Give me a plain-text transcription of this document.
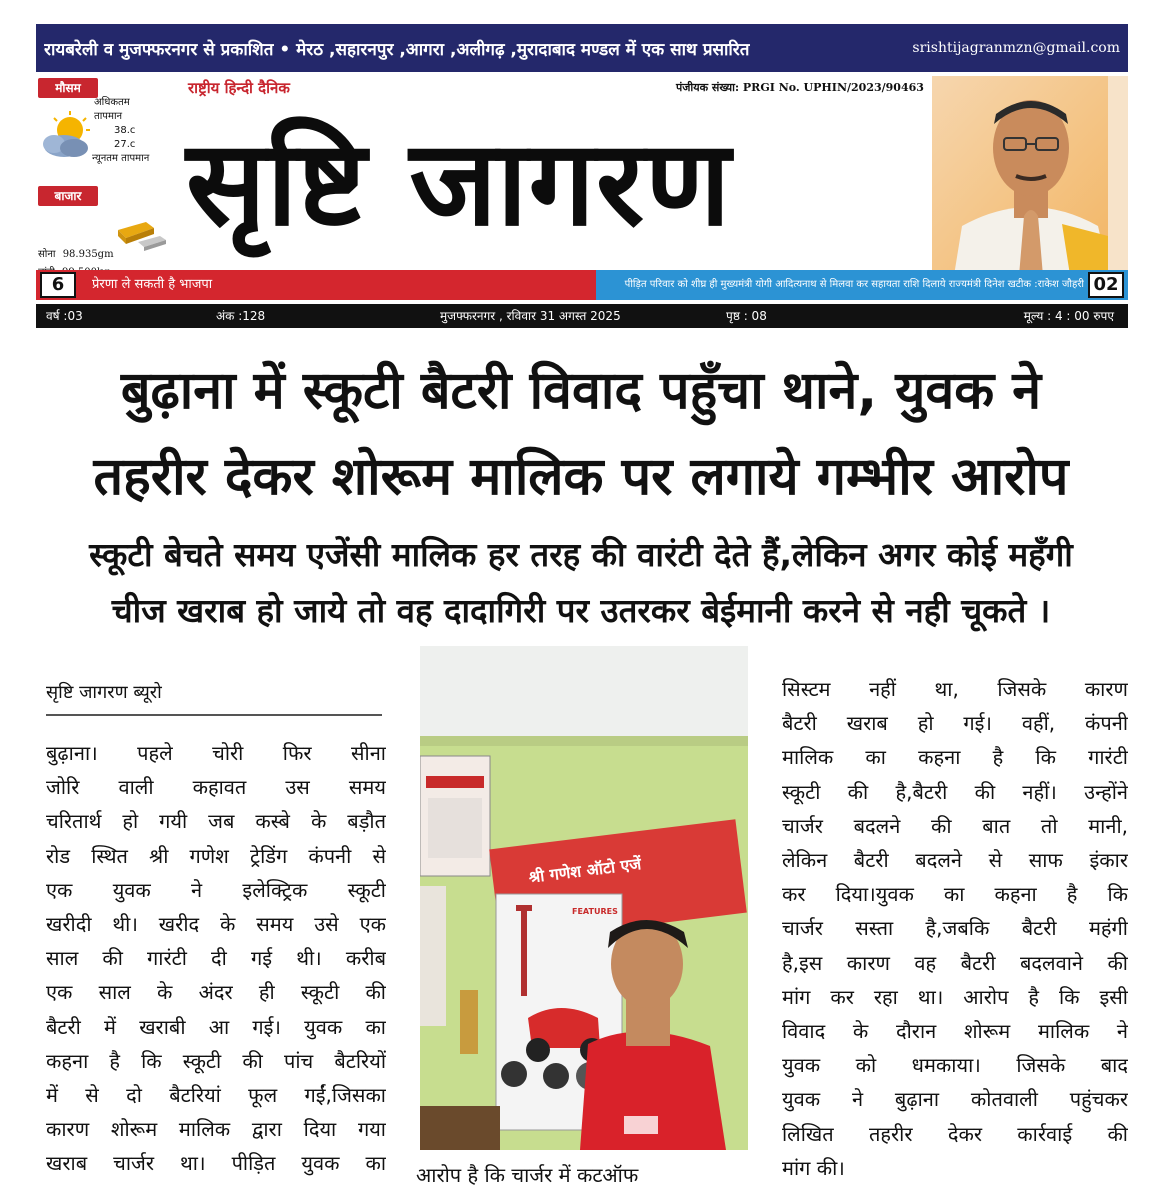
रायबरेली व मुजफ्फरनगर से प्रकाशित • मेरठ ,सहारनपुर ,आगरा ,अलीगढ़ ,मुरादाबाद मण्डल में एक साथ प्रसारित	srishtijagranmzn@gmail.com
मौसम
अधिकतम
तापमान
38.c
27.c
न्यूनतम तापमान
बाजार
सोना 98.935gm
राष्ट्रीय हिन्दी दैनिक	पंजीयक संख्या: PRGI No. UPHIN/2023/90463
सृष्टि जागरण
6	प्रेरणा ले सकती है भाजपा	पीड़ित परिवार को शीघ्र ही मुख्यमंत्री योगी आदित्यनाथ से मिलवा कर सहायता राशि दिलाये राज्यमंत्री दिनेश खटीक :राकेश जौहरी 02
वर्ष :03	अंक :128	मुजफ्फरनगर , रविवार 31 अगस्त 2025	पृष्ठ : 08	मूल्य : 4 : 00 रुपए
बुढ़ाना में स्कूटी बैटरी विवाद पहुँचा थाने, युवक ने
तहरीर देकर शोरूम मालिक पर लगाये गम्भीर आरोप
स्कूटी बेचते समय एजेंसी मालिक हर तरह की वारंटी देते हैं,लेकिन अगर कोई महँगी
चीज खराब हो जाये तो वह दादागिरी पर उतरकर बेईमानी करने से नही चूकते ।
सृष्टि जागरण ब्यूरो
बुढ़ाना। पहले चोरी फिर सीना
जोरि वाली कहावत उस समय
चरितार्थ हो गयी जब कस्बे के बड़ौत
रोड स्थित श्री गणेश ट्रेडिंग कंपनी से
एक युवक ने इलेक्ट्रिक स्कूटी
खरीदी थी। खरीद के समय उसे एक
साल की गारंटी दी गई थी। करीब
एक साल के अंदर ही स्कूटी की
बैटरी में खराबी आ गई। युवक का
कहना है कि स्कूटी की पांच बैटरियों
में से दो बैटरियां फूल गईं,जिसका
कारण शोरूम मालिक द्वारा दिया गया
खराब चार्जर था। पीड़ित युवक का
श्री गणेश ऑटो एजें
FEATURES
आरोप है कि चार्जर में कटऑफ
सिस्टम नहीं था, जिसके कारण
बैटरी खराब हो गई। वहीं, कंपनी
मालिक का कहना है कि गारंटी
स्कूटी की है,बैटरी की नहीं। उन्होंने
चार्जर बदलने की बात तो मानी,
लेकिन बैटरी बदलने से साफ इंकार
कर दिया।युवक का कहना है कि
चार्जर सस्ता है,जबकि बैटरी महंगी
है,इस कारण वह बैटरी बदलवाने की
मांग कर रहा था। आरोप है कि इसी
विवाद के दौरान शोरूम मालिक ने
युवक को धमकाया। जिसके बाद
युवक ने बुढ़ाना कोतवाली पहुंचकर
लिखित तहरीर देकर कार्रवाई की
मांग की।
